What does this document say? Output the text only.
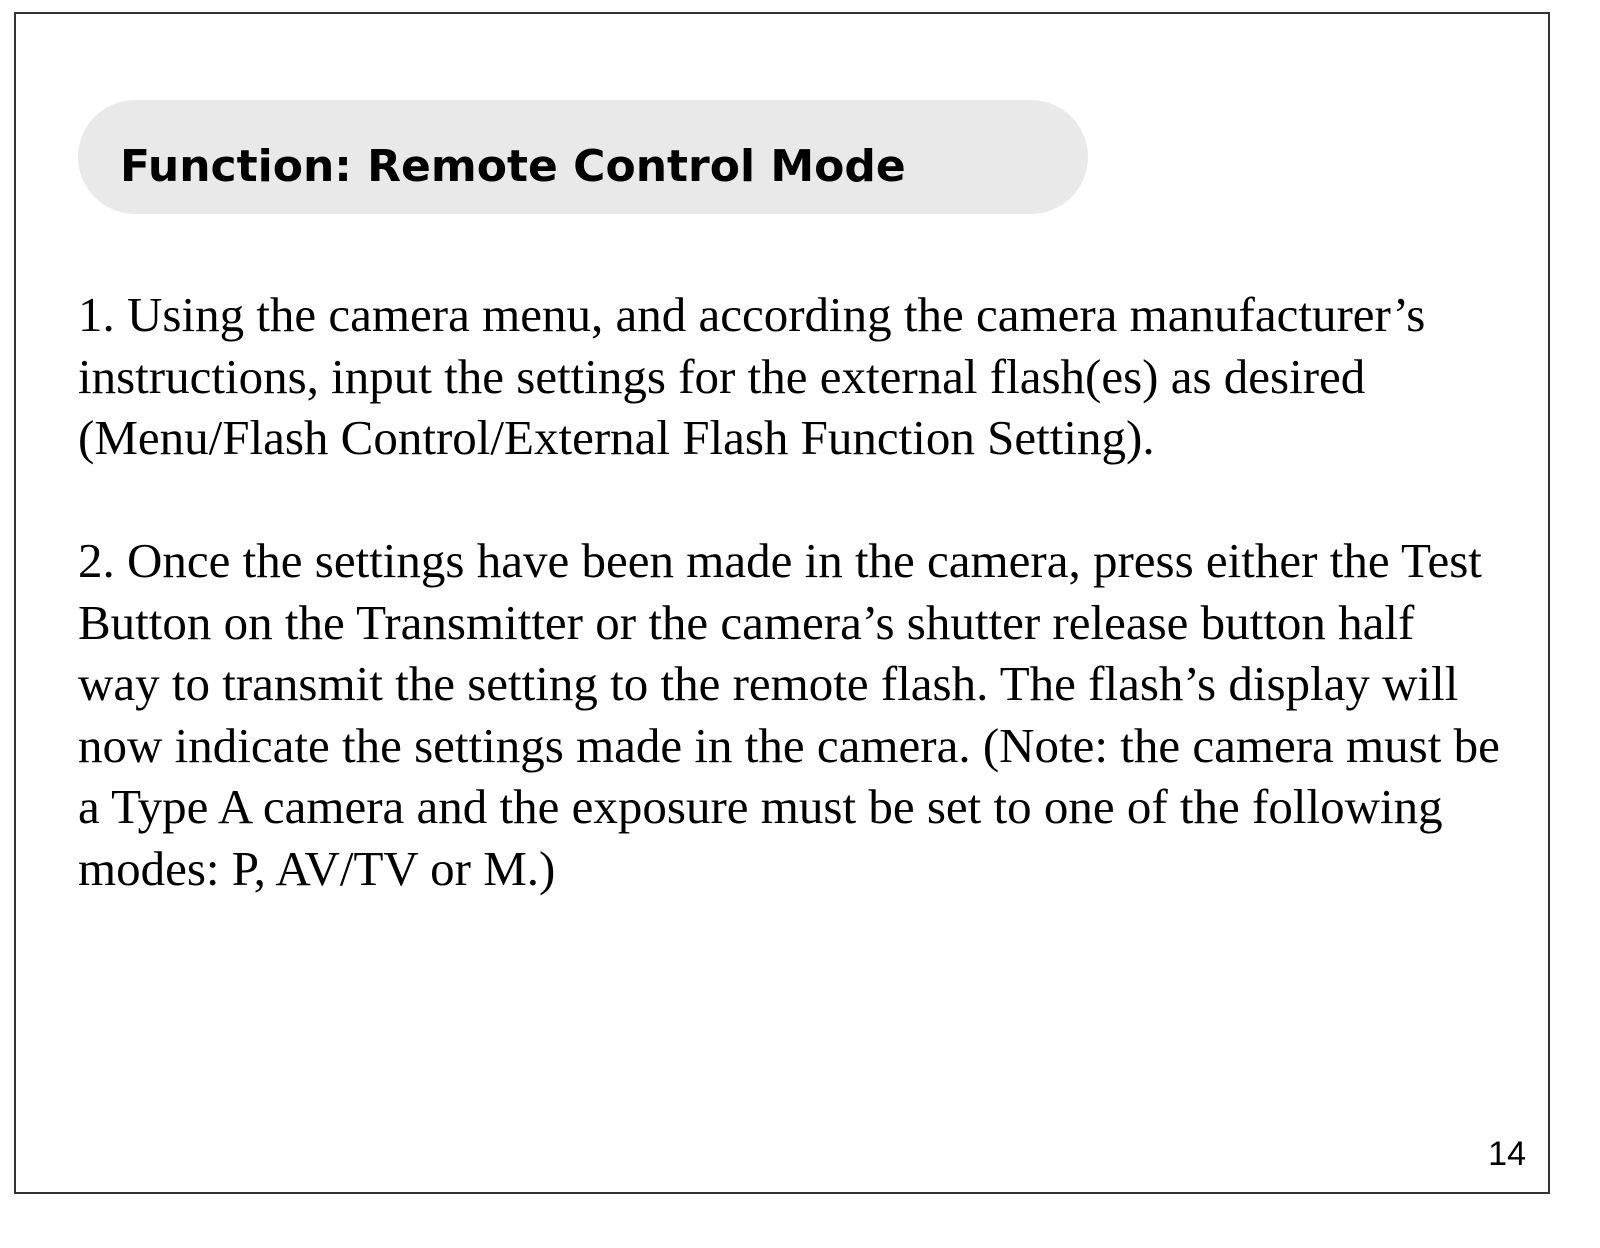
Function: Remote Control Mode

1. Using the camera menu, and according the camera manufacturer’s
instructions, input the settings for the external flash(es) as desired
(Menu/Flash Control/External Flash Function Setting).

2. Once the settings have been made in the camera, press either the Test
Button on the Transmitter or the camera’s shutter release button half
way to transmit the setting to the remote flash. The flash’s display will
now indicate the settings made in the camera. (Note: the camera must be
a Type A camera and the exposure must be set to one of the following
modes: P, AV/TV or M.)

14
